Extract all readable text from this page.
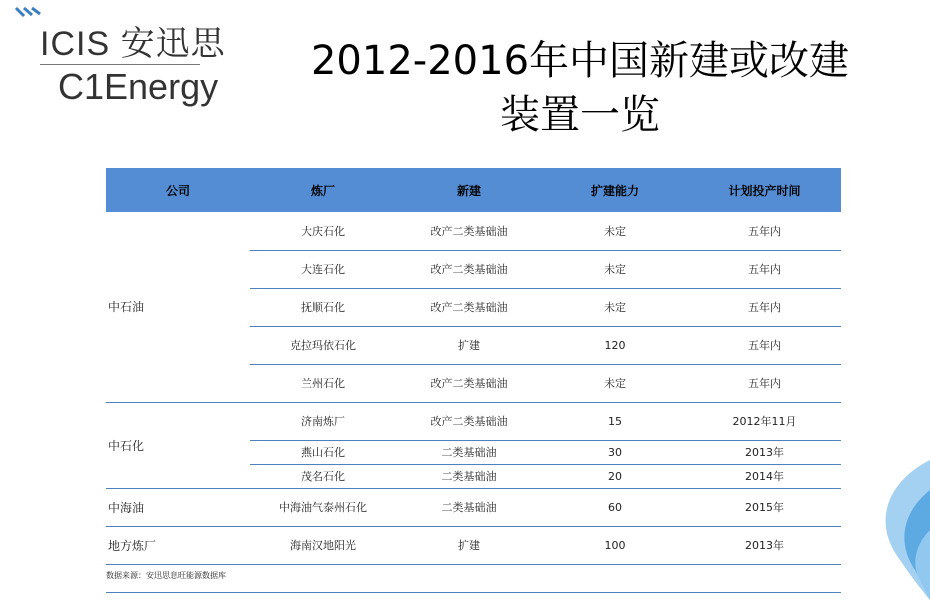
ICIS 安迅思
C1Energy
2012-2016年中国新建或改建
装置一览
公司	炼厂	新建	扩建能力	计划投产时间
中石油	大庆石化	改产二类基础油	未定	五年内
	大连石化	改产二类基础油	未定	五年内
	抚顺石化	改产二类基础油	未定	五年内
	克拉玛依石化	扩建	120	五年内
	兰州石化	改产二类基础油	未定	五年内
中石化	济南炼厂	改产二类基础油	15	2012年11月
	燕山石化	二类基础油	30	2013年
	茂名石化	二类基础油	20	2014年
中海油	中海油气泰州石化	二类基础油	60	2015年
地方炼厂	海南汉地阳光	扩建	100	2013年
数据来源：安迅思息旺能源数据库
